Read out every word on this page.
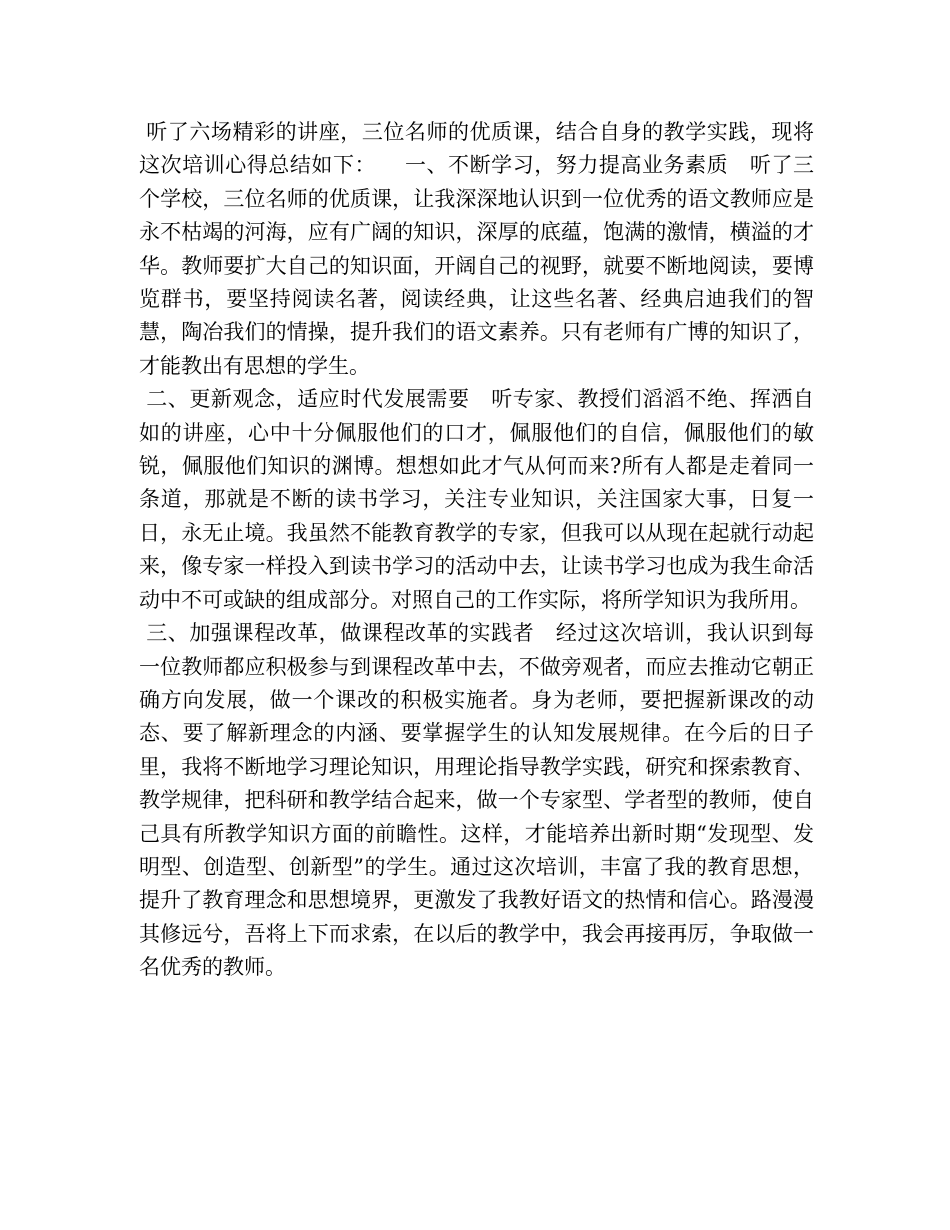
听了六场精彩的讲座，三位名师的优质课，结合自身的教学实践，现将这次培训心得总结如下：    一、不断学习，努力提高业务素质   听了三个学校，三位名师的优质课，让我深深地认识到一位优秀的语文教师应是永不枯竭的河海，应有广阔的知识，深厚的底蕴，饱满的激情，横溢的才华。教师要扩大自己的知识面，开阔自己的视野，就要不断地阅读，要博览群书，要坚持阅读名著，阅读经典，让这些名著、经典启迪我们的智慧，陶冶我们的情操，提升我们的语文素养。只有老师有广博的知识了，才能教出有思想的学生。

二、更新观念，适应时代发展需要   听专家、教授们滔滔不绝、挥洒自如的讲座，心中十分佩服他们的口才，佩服他们的自信，佩服他们的敏锐，佩服他们知识的渊博。想想如此才气从何而来?所有人都是走着同一条道，那就是不断的读书学习，关注专业知识，关注国家大事，日复一日，永无止境。我虽然不能教育教学的专家，但我可以从现在起就行动起来，像专家一样投入到读书学习的活动中去，让读书学习也成为我生命活动中不可或缺的组成部分。对照自己的工作实际，将所学知识为我所用。

三、加强课程改革，做课程改革的实践者   经过这次培训，我认识到每一位教师都应积极参与到课程改革中去，不做旁观者，而应去推动它朝正确方向发展，做一个课改的积极实施者。身为老师，要把握新课改的动态、要了解新理念的内涵、要掌握学生的认知发展规律。在今后的日子里，我将不断地学习理论知识，用理论指导教学实践，研究和探索教育、教学规律，把科研和教学结合起来，做一个专家型、学者型的教师，使自己具有所教学知识方面的前瞻性。这样，才能培养出新时期“发现型、发明型、创造型、创新型”的学生。通过这次培训，丰富了我的教育思想，提升了教育理念和思想境界，更激发了我教好语文的热情和信心。路漫漫其修远兮，吾将上下而求索，在以后的教学中，我会再接再厉，争取做一名优秀的教师。
